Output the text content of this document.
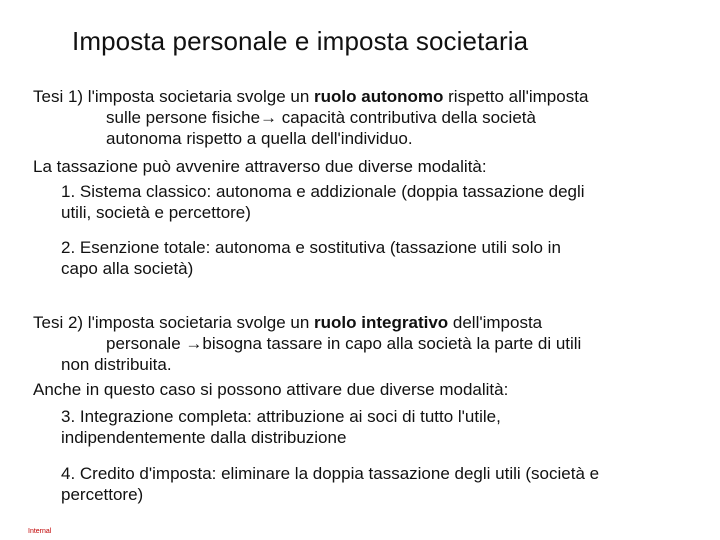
Imposta personale e imposta societaria
Tesi 1) l'imposta societaria svolge un ruolo autonomo rispetto all'imposta
sulle persone fisiche→ capacità contributiva della società
autonoma rispetto a quella dell'individuo.
La tassazione può avvenire attraverso due diverse modalità:
1. Sistema classico: autonoma e addizionale (doppia tassazione degli
utili, società e percettore)
2. Esenzione totale: autonoma e sostitutiva (tassazione utili solo in
capo alla società)
Tesi 2) l'imposta societaria svolge un ruolo integrativo dell'imposta
personale →bisogna tassare in capo alla società la parte di utili
non distribuita.
Anche in questo caso si possono attivare due diverse modalità:
3. Integrazione completa: attribuzione ai soci di tutto l'utile,
indipendentemente dalla distribuzione
4. Credito d'imposta: eliminare la doppia tassazione degli utili (società e
percettore)
Internal
